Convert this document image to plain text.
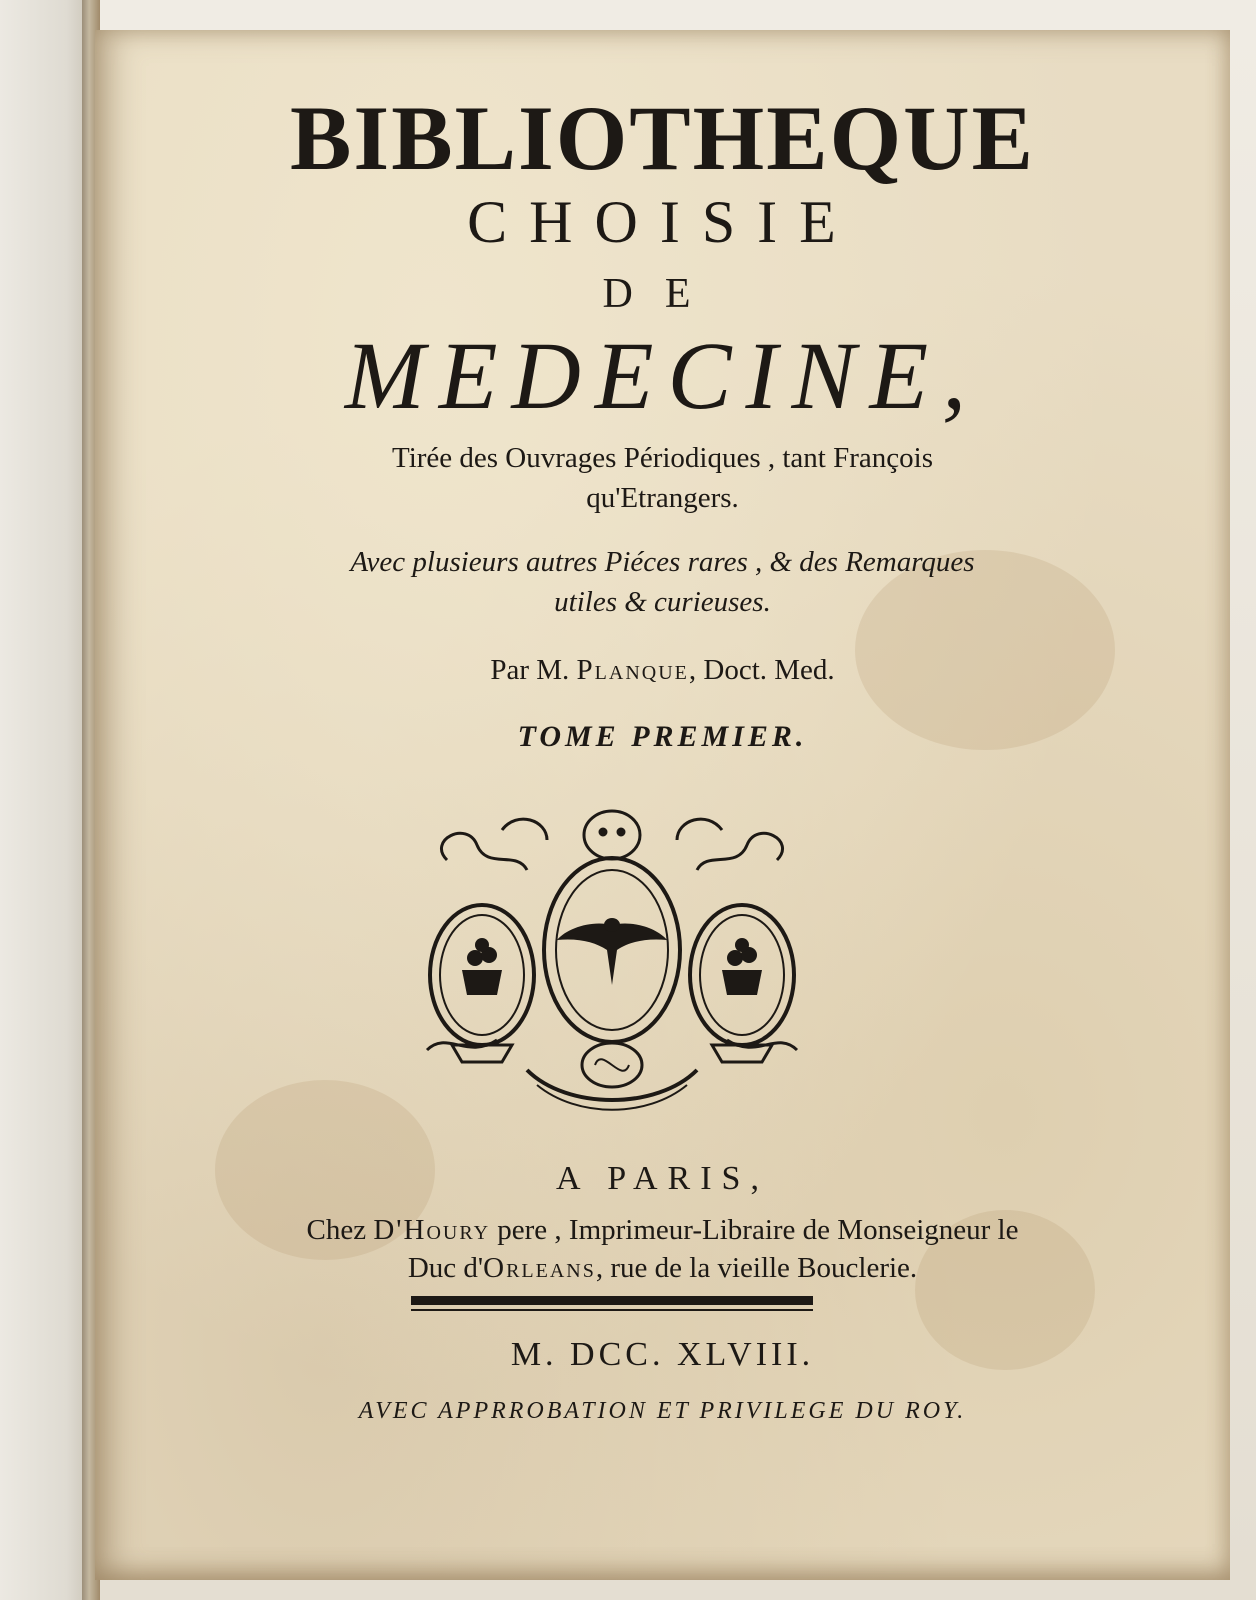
BIBLIOTHEQUE
CHOISIE
DE
MEDECINE,
Tirée des Ouvrages Périodiques , tant François
qu'Etrangers.
Avec plusieurs autres Piéces rares , & des Remarques
utiles & curieuses.
Par M. Planque, Doct. Med.
TOME PREMIER.
A PARIS,
Chez D'Houry pere , Imprimeur-Libraire de Monseigneur le
Duc d'Orleans, rue de la vieille Bouclerie.
M. DCC. XLVIII.
AVEC APPRROBATION ET PRIVILEGE DU ROY.
